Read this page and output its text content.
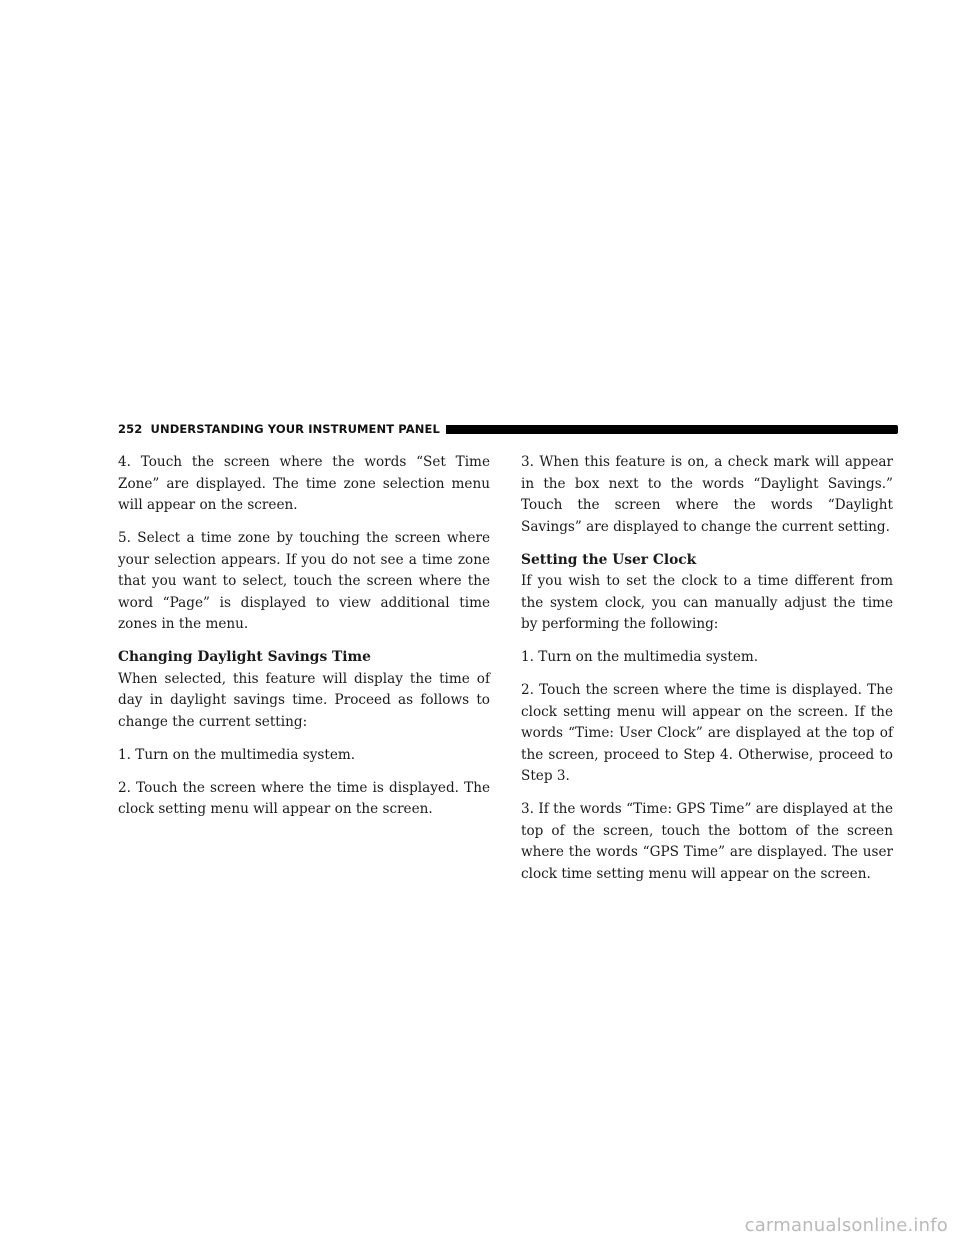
252 UNDERSTANDING YOUR INSTRUMENT PANEL

4. Touch the screen where the words “Set Time Zone” are displayed. The time zone selection menu will appear on the screen.

5. Select a time zone by touching the screen where your selection appears. If you do not see a time zone that you want to select, touch the screen where the word “Page” is displayed to view additional time zones in the menu.

Changing Daylight Savings Time

When selected, this feature will display the time of day in daylight savings time. Proceed as follows to change the current setting:

1. Turn on the multimedia system.

2. Touch the screen where the time is displayed. The clock setting menu will appear on the screen.

3. When this feature is on, a check mark will appear in the box next to the words “Daylight Savings.” Touch the screen where the words “Daylight Savings” are displayed to change the current setting.

Setting the User Clock

If you wish to set the clock to a time different from the system clock, you can manually adjust the time by performing the following:

1. Turn on the multimedia system.

2. Touch the screen where the time is displayed. The clock setting menu will appear on the screen. If the words “Time: User Clock” are displayed at the top of the screen, proceed to Step 4. Otherwise, proceed to Step 3.

3. If the words “Time: GPS Time” are displayed at the top of the screen, touch the bottom of the screen where the words “GPS Time” are displayed. The user clock time setting menu will appear on the screen.

carmanualsonline.info
